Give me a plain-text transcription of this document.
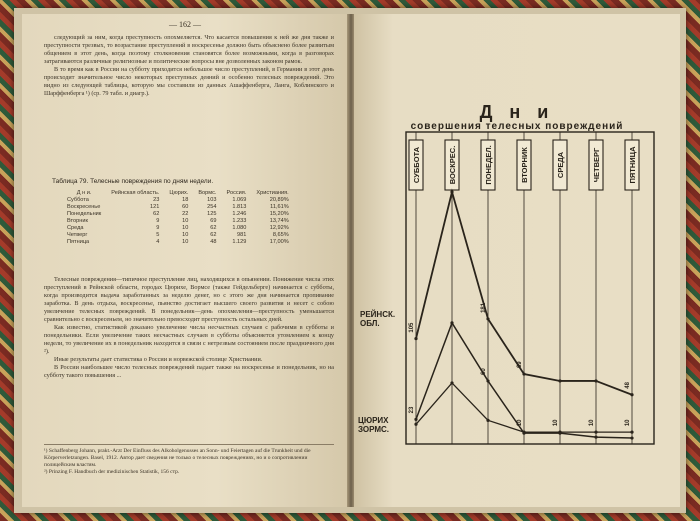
— 162 —

следующий за ним, когда преступность опохмеляется. Что касается повышения к ней же дня также и преступности трезвых, то возрастание преступлений в воскресенье должно быть объяснено более развитым общением в этот день, когда поэтому столкновения становятся более возможными, когда в разговорах затрагиваются различные религиозные и политические вопросы вне дозволенных законом рамок.

В то время как в России на субботу приходится небольшое число преступлений, в Германии в этот день происходит значительное число некоторых преступных деяний и особенно телесных повреждений. Это видно из следующей таблицы, которую мы составили из данных Ашаффенберга, Ланга, Коблинского и Шарффенберга ¹) (ср. 79 табл. и диагр.).

Таблица 79. Телесные повреждения по дням недели.
Д н и.	Рейнская область.	Цюрих.	Вормс.	Россия.	Христиания.
Суббота	23	18	103	1.069	20,89%
Воскресенье	121	60	254	1.813	11,61%
Понедельник	62	22	125	1.246	15,20%
Вторник	9	10	69	1.233	13,74%
Среда	9	10	62	1.080	12,92%
Четверг	5	10	62	981	8,65%
Пятница	4	10	48	1.129	17,00%

Телесные повреждения—типичное преступление лиц, находящихся в опьянении. Понижение числа этих преступлений в Рейнской области, городах Цюрихе, Вормсе (также Гейдельберге) начинается с субботы, когда производится выдача заработанных за неделю денег, но с этого же дня начинается пропивание заработка. В день отдыха, воскресенье, пьянство достигает высшего своего развития и несет с собою увеличение телесных повреждений. В понедельник—день опохмеления—преступность уменьшается сравнительно с воскресеньем, но значительно превосходит преступность остальных дней.

Как известно, статистикой доказано увеличение числа несчастных случаев с рабочими в субботы и понедельники. Если увеличение таких несчастных случаев в субботы объясняется утомлением к концу недели, то увеличение их в понедельник находится в связи с нетрезвым состоянием после праздничного дня ²).

Иные результаты дает статистика о России и норвежской столице Христиании.

В России наибольшее число телесных повреждений падает также на воскресенье и понедельник, но на субботу такого повышения ...

¹) Schaffenberg Johann, prakt.-Arzt Der Einfluss des Alkoholgenusses an Sonn- und Feiertagen auf die Trunkheit und die Körperverletzungen. Basel, 1912. Автор дает сведения не только о телесных повреждениях, но и о сопротивлении полицейским властям.
²) Prinzing F. Handbuch der medizinischen Statistik, 156 стр.
Д н и
совершения телесных повреждений
СУББОТА	ВОСКРЕС.	ПОНЕДЕЛ.	ВТОРНИК	СРЕДА	ЧЕТВЕРГ	ПЯТНИЦА
105
181
69
48
23
60
10	10	10	10
РЕЙНСК. ОБЛ.
ЦЮРИХ ЗОРМС.
